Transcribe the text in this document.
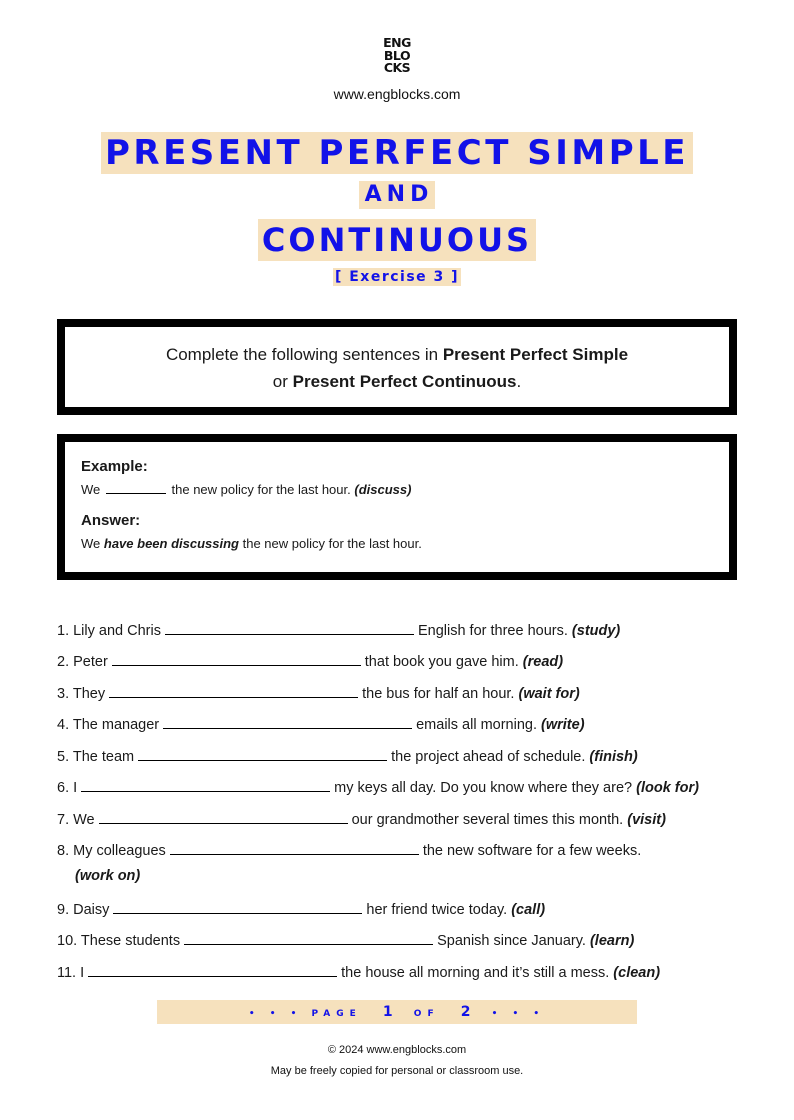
ENG
BLO
CKS
www.engblocks.com
PRESENT PERFECT SIMPLE
AND
CONTINUOUS
[ Exercise 3 ]
Complete the following sentences in Present Perfect Simple
or Present Perfect Continuous.

Example:

We	the new policy for the last hour. (discuss)

Answer:

We have been discussing the new policy for the last hour.

1. Lily and Chris	English for three hours. (study)
2. Peter	that book you gave him. (read)
3. They	the bus for half an hour. (wait for)
4. The manager	emails all morning. (write)
5. The team	the project ahead of schedule. (finish)
6. I	my keys all day. Do you know where they are? (look for)
7. We	our grandmother several times this month. (visit)
8. My colleagues	the new software for a few weeks.
(work on)
9. Daisy	her friend twice today. (call)
10. These students	Spanish since January. (learn)
11. I	the house all morning and it’s still a mess. (clean)
• • • PAGE 1 OF 2 • • •
© 2024 www.engblocks.com
May be freely copied for personal or classroom use.
